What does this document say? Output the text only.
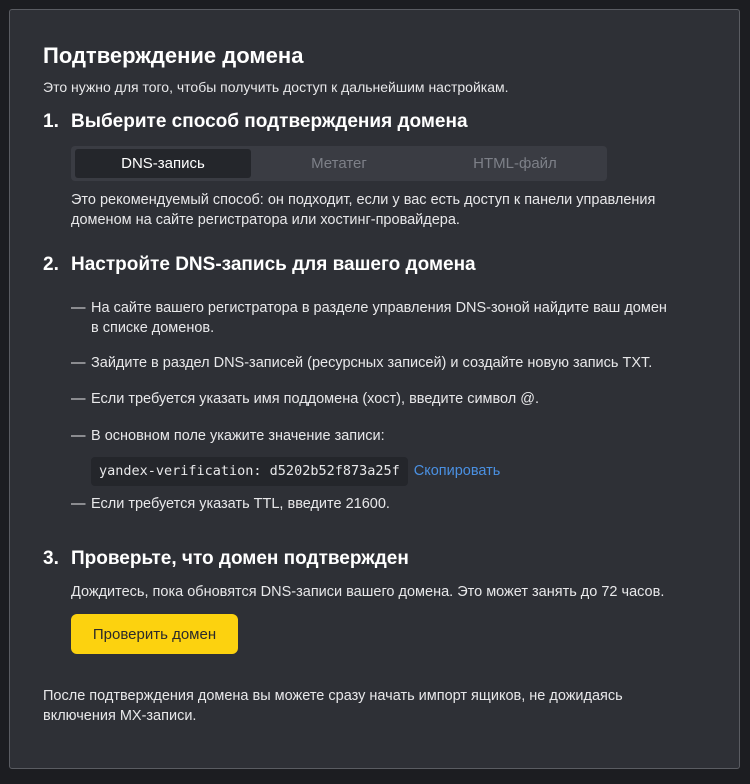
Подтверждение домена
Это нужно для того, чтобы получить доступ к дальнейшим настройкам.
1. Выберите способ подтверждения домена
DNS-запись	Метатег	HTML-файл
Это рекомендуемый способ: он подходит, если у вас есть доступ к панели управления
доменом на сайте регистратора или хостинг-провайдера.
2. Настройте DNS-запись для вашего домена
— На сайте вашего регистратора в разделе управления DNS-зоной найдите ваш домен
в списке доменов.
— Зайдите в раздел DNS-записей (ресурсных записей) и создайте новую запись TXT.
— Если требуется указать имя поддомена (хост), введите символ @.
— В основном поле укажите значение записи:
yandex-verification: d5202b52f873a25f Скопировать
— Если требуется указать TTL, введите 21600.
3. Проверьте, что домен подтвержден
Дождитесь, пока обновятся DNS-записи вашего домена. Это может занять до 72 часов.
Проверить домен
После подтверждения домена вы можете сразу начать импорт ящиков, не дожидаясь
включения MX-записи.
